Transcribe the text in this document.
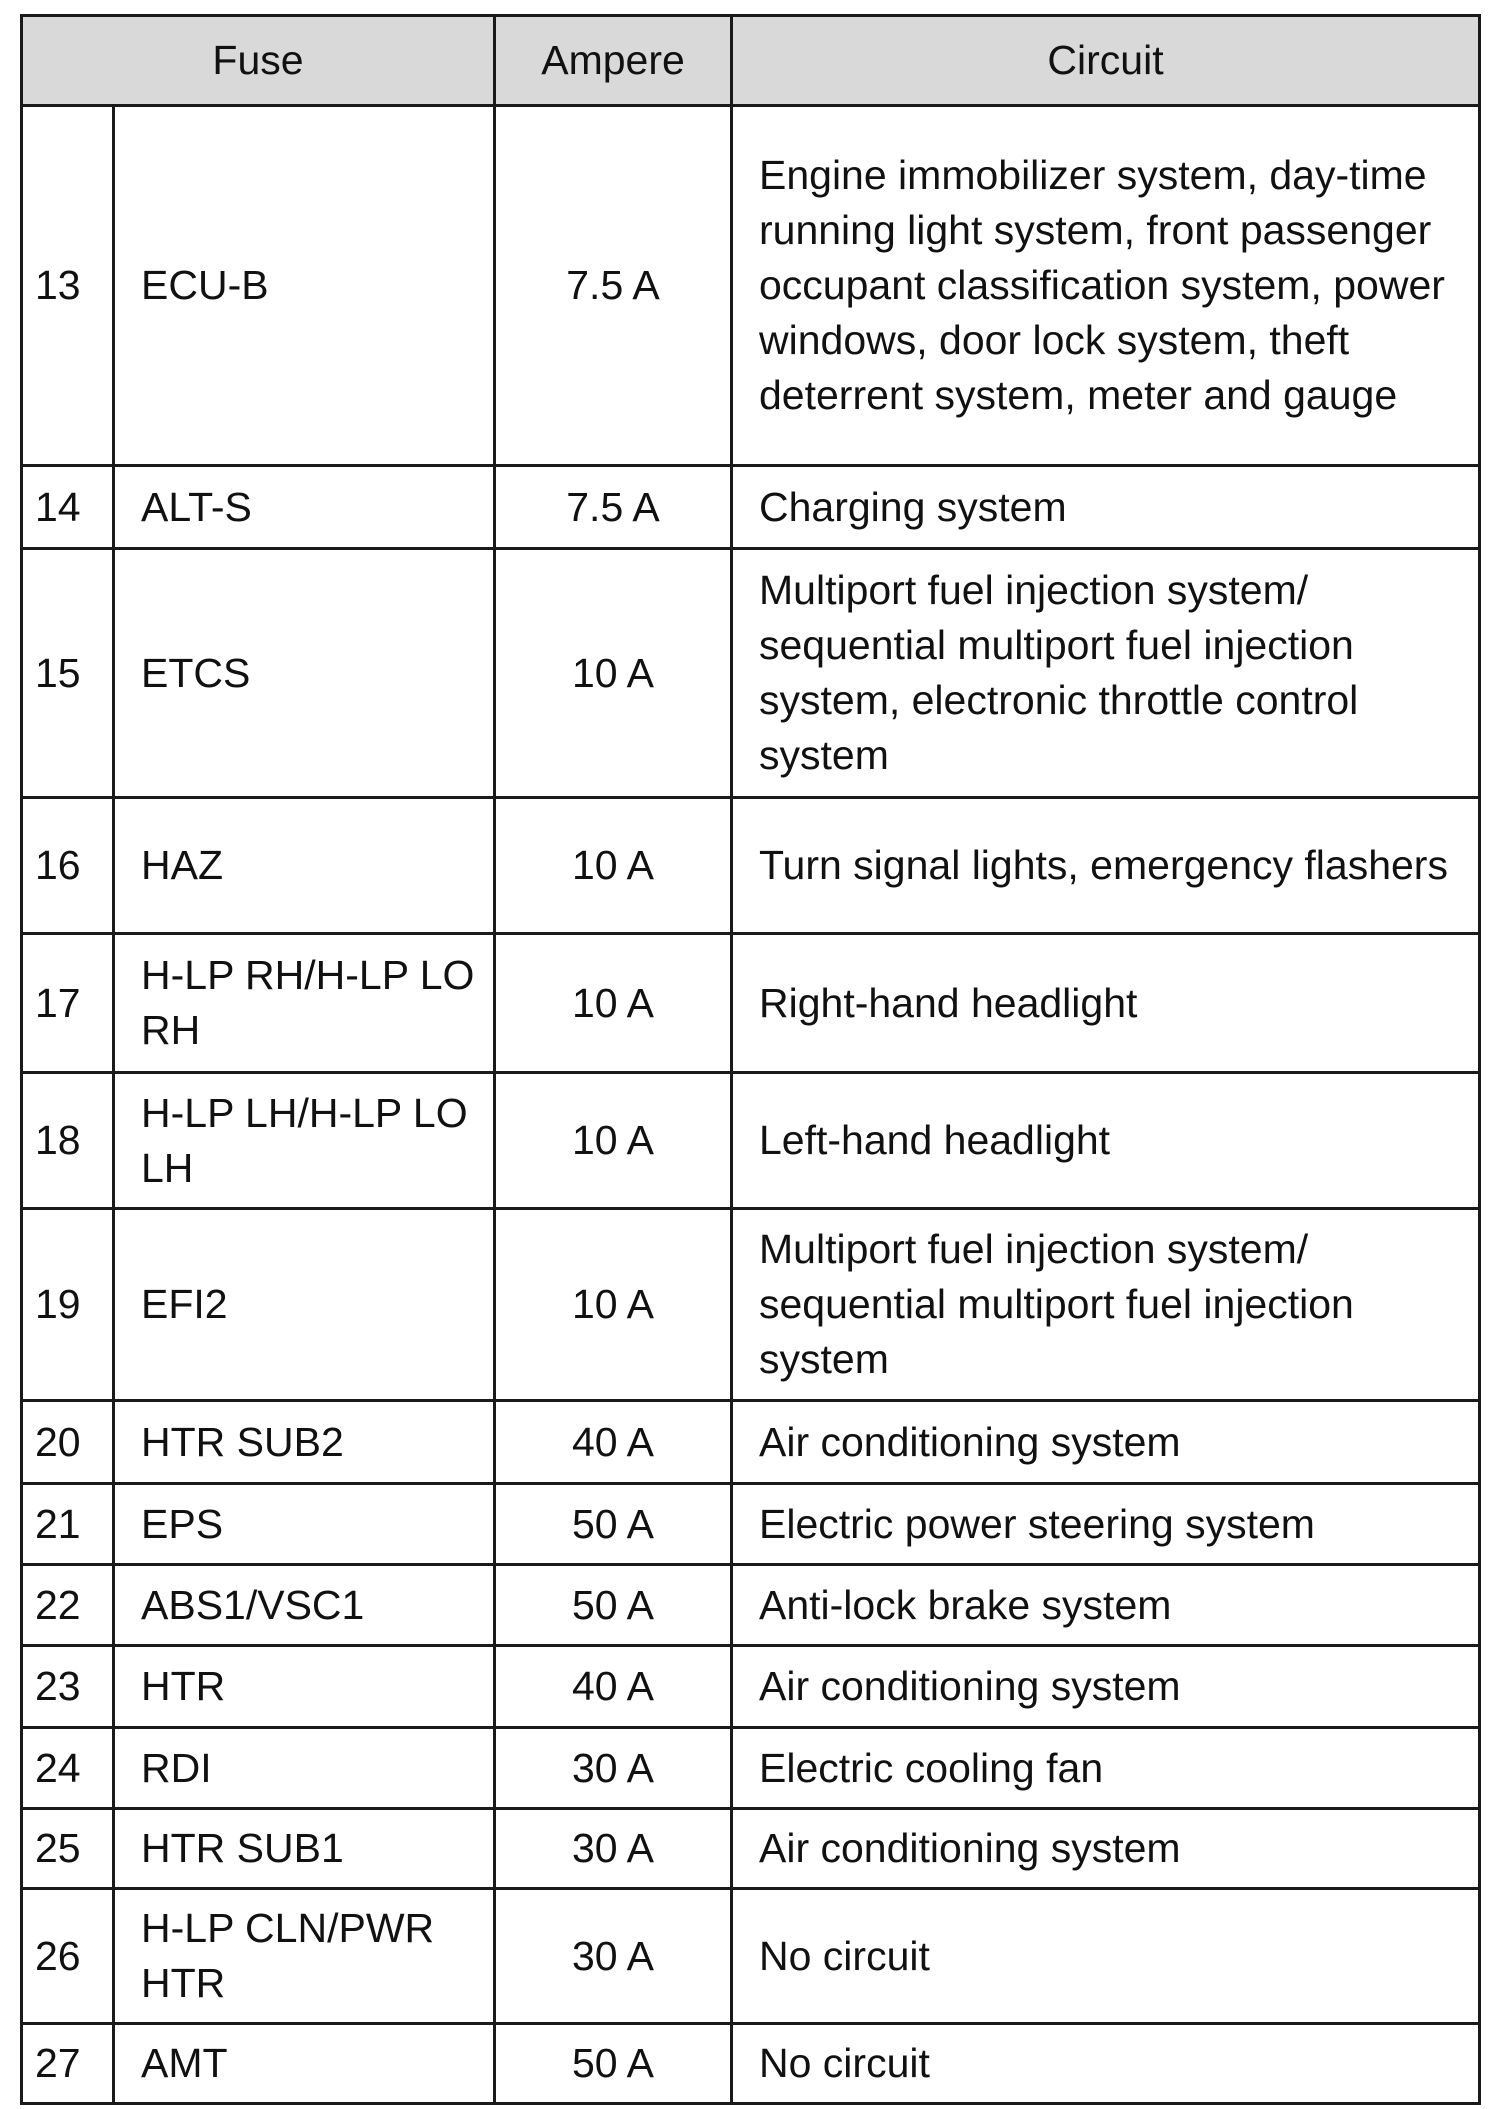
Fuse		Ampere	Circuit
13	ECU-B	7.5 A	Engine immobilizer system, day-time running light system, front passenger occupant classification system, power windows, door lock system, theft deterrent system, meter and gauge
14	ALT-S	7.5 A	Charging system
15	ETCS	10 A	Multiport fuel injection system/ sequential multiport fuel injection system, electronic throttle control system
16	HAZ	10 A	Turn signal lights, emergency flashers
17	H-LP RH/H-LP LO RH	10 A	Right-hand headlight
18	H-LP LH/H-LP LO LH	10 A	Left-hand headlight
19	EFI2	10 A	Multiport fuel injection system/ sequential multiport fuel injection system
20	HTR SUB2	40 A	Air conditioning system
21	EPS	50 A	Electric power steering system
22	ABS1/VSC1	50 A	Anti-lock brake system
23	HTR	40 A	Air conditioning system
24	RDI	30 A	Electric cooling fan
25	HTR SUB1	30 A	Air conditioning system
26	H-LP CLN/PWR HTR	30 A	No circuit
27	AMT	50 A	No circuit
